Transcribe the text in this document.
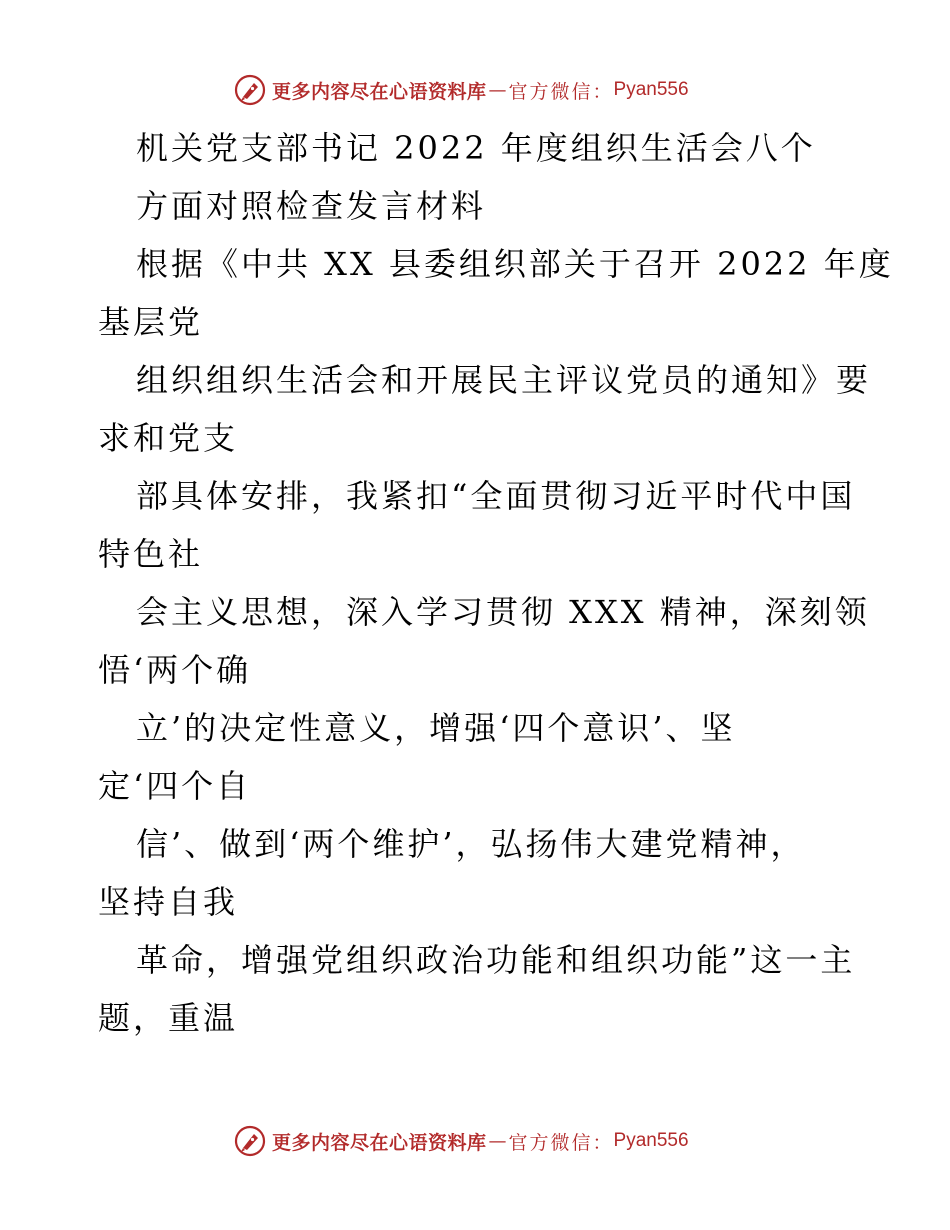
更多内容尽在心语资料库 — 官方微信： Pyan556
机关党支部书记 2022 年度组织生活会八个
方面对照检查发言材料
根据《中共 XX 县委组织部关于召开 2022 年度
基层党
组织组织生活会和开展民主评议党员的通知》要
求和党支
部具体安排，我紧扣“全面贯彻习近平时代中国
特色社
会主义思想，深入学习贯彻 XXX 精神，深刻领
悟‘两个确
立’的决定性意义，增强‘四个意识’、坚
定‘四个自
信’、做到‘两个维护’，弘扬伟大建党精神，
坚持自我
革命，增强党组织政治功能和组织功能”这一主
题，重温
更多内容尽在心语资料库 — 官方微信： Pyan556
